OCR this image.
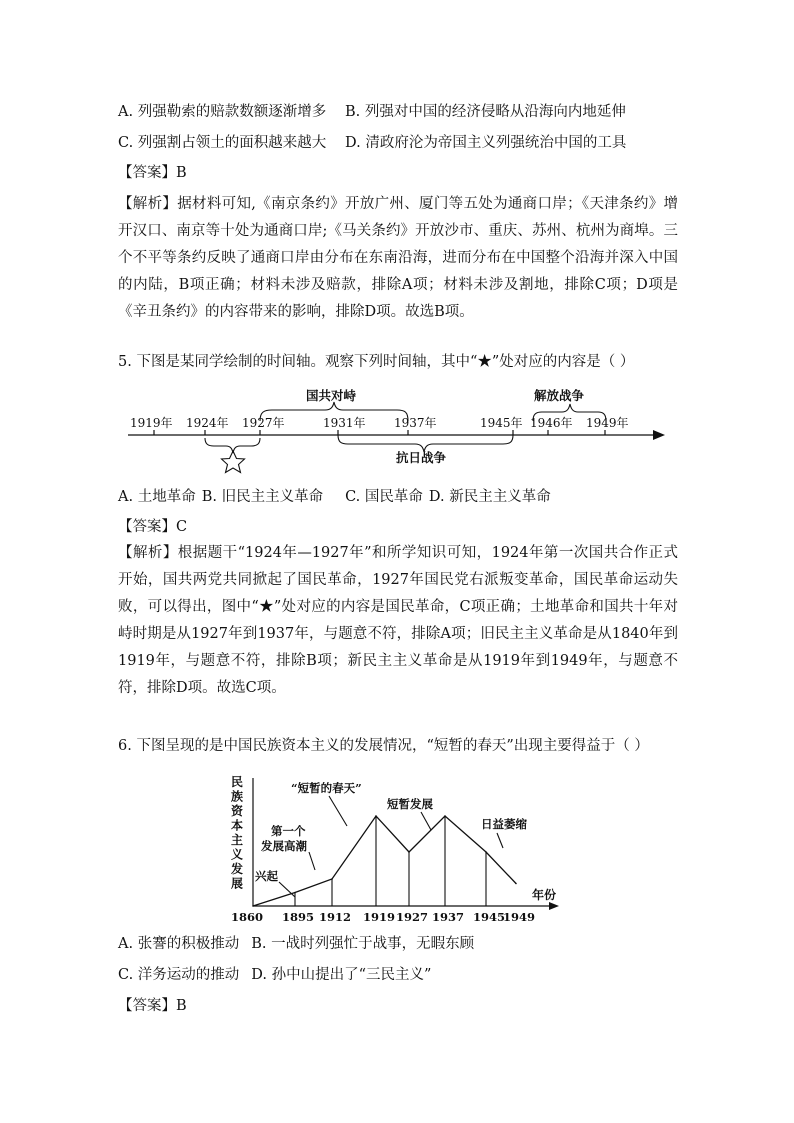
A. 列强勒索的赔款数额逐渐增多 B. 列强对中国的经济侵略从沿海向内地延伸
C. 列强割占领土的面积越来越大 D. 清政府沦为帝国主义列强统治中国的工具
【答案】B
【解析】据材料可知,《南京条约》开放广州、厦门等五处为通商口岸；《天津条约》增开汉口、南京等十处为通商口岸;《马关条约》开放沙市、重庆、苏州、杭州为商埠。三个不平等条约反映了通商口岸由分布在东南沿海，进而分布在中国整个沿海并深入中国的内陆，B项正确；材料未涉及赔款，排除A项；材料未涉及割地，排除C项；D项是《辛丑条约》的内容带来的影响，排除D项。故选B项。
5. 下图是某同学绘制的时间轴。观察下列时间轴，其中“★”处对应的内容是（ ）
1919年 1924年 1927年	1931年 1937年	1945年 1946年 1949年
国共对峙	解放战争
抗日战争
A. 土地革命 B. 旧民主主义革命 C. 国民革命 D. 新民主主义革命
【答案】C
【解析】根据题干“1924年—1927年”和所学知识可知，1924年第一次国共合作正式开始，国共两党共同掀起了国民革命，1927年国民党右派叛变革命，国民革命运动失败，可以得出，图中“★”处对应的内容是国民革命，C项正确；土地革命和国共十年对峙时期是从1927年到1937年，与题意不符，排除A项；旧民主主义革命是从1840年到1919年，与题意不符，排除B项；新民主主义革命是从1919年到1949年，与题意不符，排除D项。故选C项。
6. 下图呈现的是中国民族资本主义的发展情况，“短暂的春天”出现主要得益于（ ）
民
族
资
本
主
义
发
展
年份
1860 1895 1912 1919 1927 1937 1945
1949
兴起
第一个
发展高潮
“短暂的春天”
短暂发展
日益萎缩
A. 张謇的积极推动 B. 一战时列强忙于战事，无暇东顾
C. 洋务运动的推动 D. 孙中山提出了“三民主义”
【答案】B
